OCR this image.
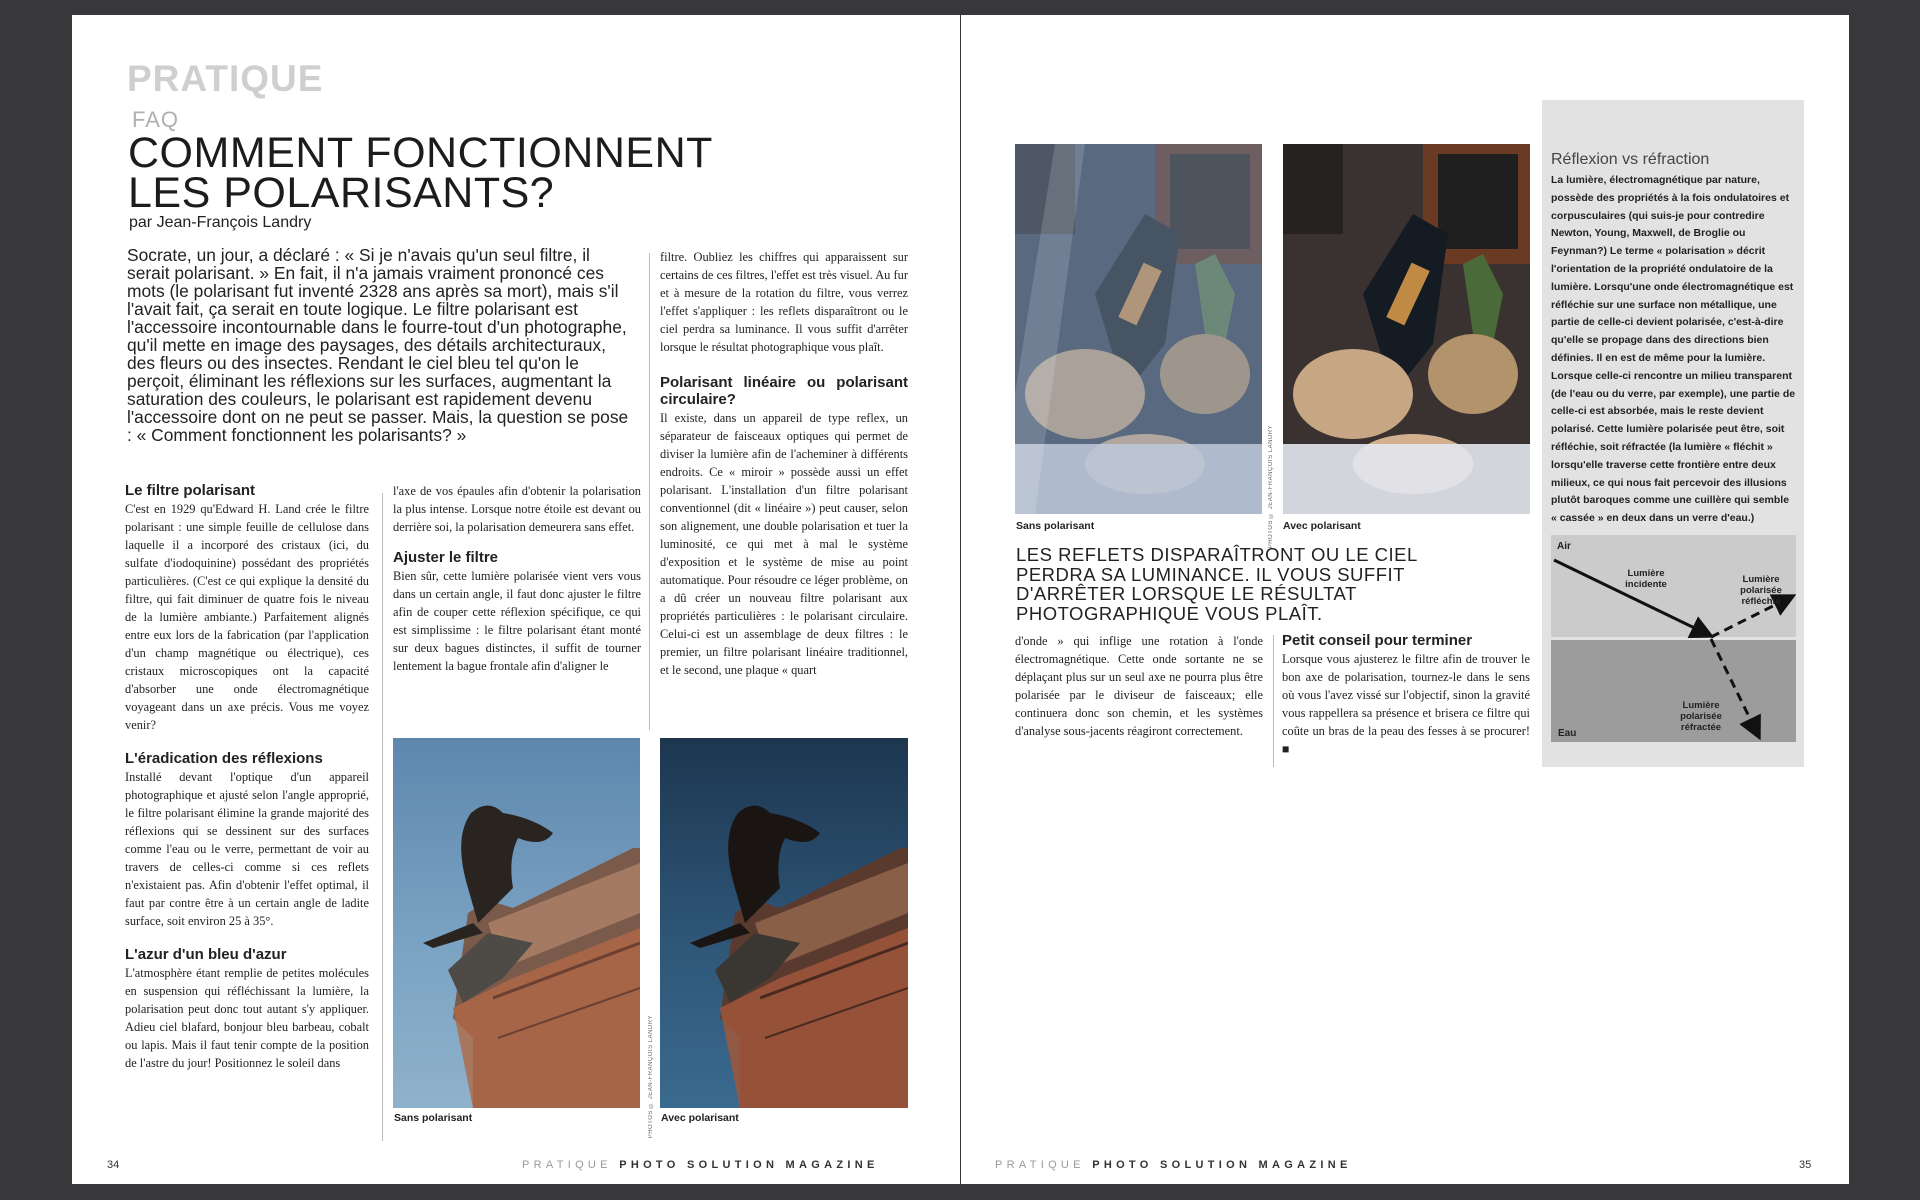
PRATIQUE
FAQ
COMMENT FONCTIONNENT
LES POLARISANTS?
par Jean-François Landry
Socrate, un jour, a déclaré : « Si je n'avais qu'un seul filtre, il serait polarisant. » En fait, il n'a jamais vraiment prononcé ces mots (le polarisant fut inventé 2328 ans après sa mort), mais s'il l'avait fait, ça serait en toute logique. Le filtre polarisant est l'accessoire incontournable dans le fourre-tout d'un photographe, qu'il mette en image des paysages, des détails architecturaux, des fleurs ou des insectes. Rendant le ciel bleu tel qu'on le perçoit, éliminant les réflexions sur les surfaces, augmentant la saturation des couleurs, le polarisant est rapidement devenu l'accessoire dont on ne peut se passer. Mais, la question se pose : « Comment fonctionnent les polarisants? »
Le filtre polarisant

C'est en 1929 qu'Edward H. Land crée le filtre polarisant : une simple feuille de cellulose dans laquelle il a incorporé des cristaux (ici, du sulfate d'iodoquinine) possédant des propriétés particulières. (C'est ce qui explique la densité du filtre, qui fait diminuer de quatre fois le niveau de la lumière ambiante.) Parfaitement alignés entre eux lors de la fabrication (par l'application d'un champ magnétique ou électrique), ces cristaux microscopiques ont la capacité d'absorber une onde électromagnétique voyageant dans un axe précis. Vous me voyez venir?

L'éradication des réflexions

Installé devant l'optique d'un appareil photographique et ajusté selon l'angle approprié, le filtre polarisant élimine la grande majorité des réflexions qui se dessinent sur des surfaces comme l'eau ou le verre, permettant de voir au travers de celles-ci comme si ces reflets n'existaient pas. Afin d'obtenir l'effet optimal, il faut par contre être à un certain angle de ladite surface, soit environ 25 à 35°.

L'azur d'un bleu d'azur

L'atmosphère étant remplie de petites molécules en suspension qui réfléchissant la lumière, la polarisation peut donc tout autant s'y appliquer. Adieu ciel blafard, bonjour bleu barbeau, cobalt ou lapis. Mais il faut tenir compte de la position de l'astre du jour! Positionnez le soleil dans

l'axe de vos épaules afin d'obtenir la polarisation la plus intense. Lorsque notre étoile est devant ou derrière soi, la polarisation demeurera sans effet.

Ajuster le filtre

Bien sûr, cette lumière polarisée vient vers vous dans un certain angle, il faut donc ajuster le filtre afin de couper cette réflexion spécifique, ce qui est simplissime : le filtre polarisant étant monté sur deux bagues distinctes, il suffit de tourner lentement la bague frontale afin d'aligner le

filtre. Oubliez les chiffres qui apparaissent sur certains de ces filtres, l'effet est très visuel. Au fur et à mesure de la rotation du filtre, vous verrez l'effet s'appliquer : les reflets disparaîtront ou le ciel perdra sa luminance. Il vous suffit d'arrêter lorsque le résultat photographique vous plaît.

Polarisant linéaire ou polarisant circulaire?

Il existe, dans un appareil de type reflex, un séparateur de faisceaux optiques qui permet de diviser la lumière afin de l'acheminer à différents endroits. Ce « miroir » possède aussi un effet polarisant. L'installation d'un filtre polarisant conventionnel (dit « linéaire ») peut causer, selon son alignement, une double polarisation et tuer la luminosité, ce qui met à mal le système d'exposition et le système de mise au point automatique. Pour résoudre ce léger problème, on a dû créer un nouveau filtre polarisant aux propriétés particulières : le polarisant circulaire. Celui-ci est un assemblage de deux filtres : le premier, un filtre polarisant linéaire traditionnel, et le second, une plaque « quart

PHOTOS © JEAN-FRANÇOIS LANDRY
Sans polarisant	Avec polarisant
34	PRATIQUE PHOTO SOLUTION MAGAZINE
PHOTOS © JEAN-FRANÇOIS LANDRY
Sans polarisant	Avec polarisant
LES REFLETS DISPARAÎTRONT OU LE CIEL PERDRA SA LUMINANCE. IL VOUS SUFFIT D'ARRÊTER LORSQUE LE RÉSULTAT PHOTOGRAPHIQUE VOUS PLAÎT.

d'onde » qui inflige une rotation à l'onde électromagnétique. Cette onde sortante ne se déplaçant plus sur un seul axe ne pourra plus être polarisée par le diviseur de faisceaux; elle continuera donc son chemin, et les systèmes d'analyse sous-jacents réagiront correctement.

Petit conseil pour terminer

Lorsque vous ajusterez le filtre afin de trouver le bon axe de polarisation, tournez-le dans le sens où vous l'avez vissé sur l'objectif, sinon la gravité vous rappellera sa présence et brisera ce filtre qui coûte un bras de la peau des fesses à se procurer! ■

Réflexion vs réfraction
La lumière, électromagnétique par nature, possède des propriétés à la fois ondulatoires et corpusculaires (qui suis-je pour contredire Newton, Young, Maxwell, de Broglie ou Feynman?) Le terme « polarisation » décrit l'orientation de la propriété ondulatoire de la lumière. Lorsqu'une onde électromagnétique est réfléchie sur une surface non métallique, une partie de celle-ci devient polarisée, c'est-à-dire qu'elle se propage dans des directions bien définies. Il en est de même pour la lumière. Lorsque celle-ci rencontre un milieu transparent (de l'eau ou du verre, par exemple), une partie de celle-ci est absorbée, mais le reste devient polarisé. Cette lumière polarisée peut être, soit réfléchie, soit réfractée (la lumière « fléchit » lorsqu'elle traverse cette frontière entre deux milieux, ce qui nous fait percevoir des illusions plutôt baroques comme une cuillère qui semble « cassée » en deux dans un verre d'eau.)
Air
Eau
Lumière
incidente	Lumière
polarisée
réfléchie
Lumière
polarisée
réfractée
PRATIQUE PHOTO SOLUTION MAGAZINE	35
